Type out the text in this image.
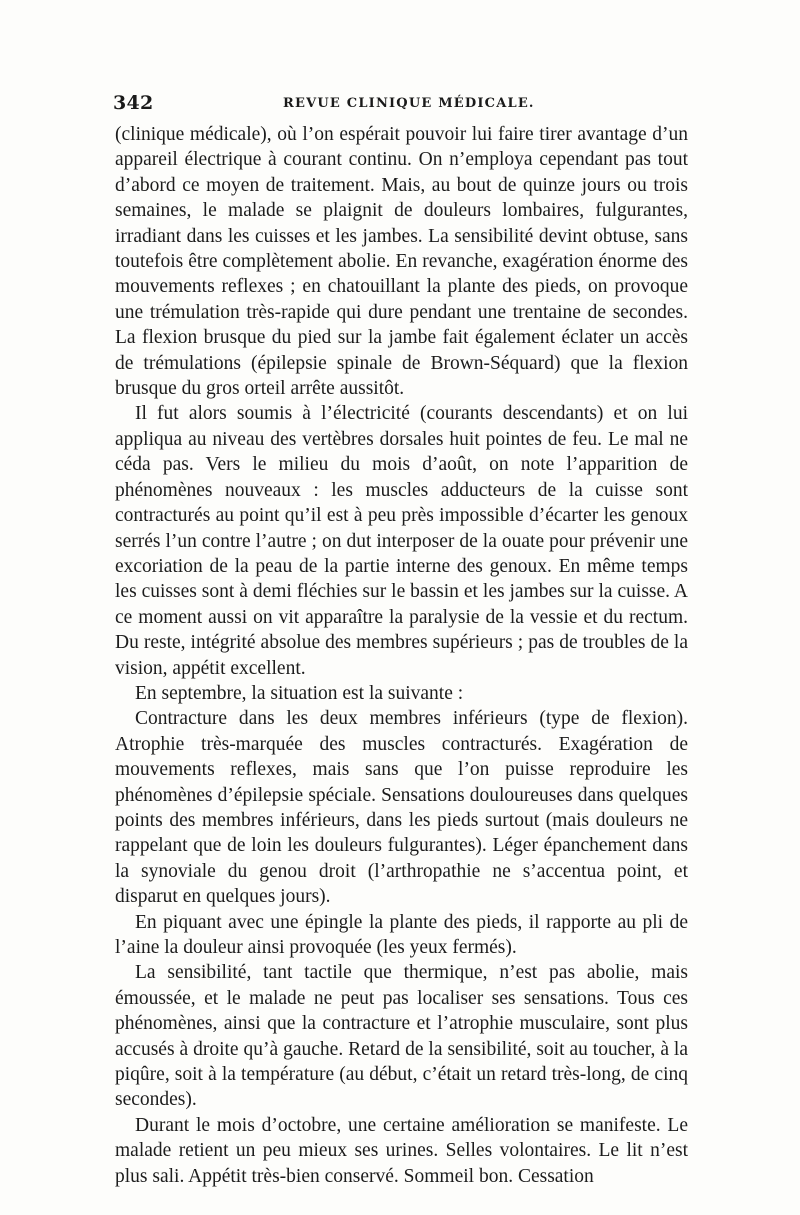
342	REVUE CLINIQUE MÉDICALE.

(clinique médicale), où l’on espérait pouvoir lui faire tirer avantage d’un appareil électrique à courant continu. On n’employa cependant pas tout d’abord ce moyen de traitement. Mais, au bout de quinze jours ou trois semaines, le malade se plaignit de douleurs lombaires, fulgurantes, irradiant dans les cuisses et les jambes. La sensibilité devint obtuse, sans toutefois être complètement abolie. En revanche, exagération énorme des mouvements reflexes ; en chatouillant la plante des pieds, on provoque une trémulation très-rapide qui dure pendant une trentaine de secondes. La flexion brusque du pied sur la jambe fait également éclater un accès de trémulations (épilepsie spinale de Brown-Séquard) que la flexion brusque du gros orteil arrête aussitôt.

Il fut alors soumis à l’électricité (courants descendants) et on lui appliqua au niveau des vertèbres dorsales huit pointes de feu. Le mal ne céda pas. Vers le milieu du mois d’août, on note l’apparition de phénomènes nouveaux : les muscles adducteurs de la cuisse sont contracturés au point qu’il est à peu près impossible d’écarter les genoux serrés l’un contre l’autre ; on dut interposer de la ouate pour prévenir une excoriation de la peau de la partie interne des genoux. En même temps les cuisses sont à demi fléchies sur le bassin et les jambes sur la cuisse. A ce moment aussi on vit apparaître la paralysie de la vessie et du rectum. Du reste, intégrité absolue des membres supérieurs ; pas de troubles de la vision, appétit excellent.

En septembre, la situation est la suivante :

Contracture dans les deux membres inférieurs (type de flexion). Atrophie très-marquée des muscles contracturés. Exagération de mouvements reflexes, mais sans que l’on puisse reproduire les phénomènes d’épilepsie spéciale. Sensations douloureuses dans quelques points des membres inférieurs, dans les pieds surtout (mais douleurs ne rappelant que de loin les douleurs fulgurantes). Léger épanchement dans la synoviale du genou droit (l’arthropathie ne s’accentua point, et disparut en quelques jours).

En piquant avec une épingle la plante des pieds, il rapporte au pli de l’aine la douleur ainsi provoquée (les yeux fermés).

La sensibilité, tant tactile que thermique, n’est pas abolie, mais émoussée, et le malade ne peut pas localiser ses sensations. Tous ces phénomènes, ainsi que la contracture et l’atrophie musculaire, sont plus accusés à droite qu’à gauche. Retard de la sensibilité, soit au toucher, à la piqûre, soit à la température (au début, c’était un retard très-long, de cinq secondes).

Durant le mois d’octobre, une certaine amélioration se manifeste. Le malade retient un peu mieux ses urines. Selles volontaires. Le lit n’est plus sali. Appétit très-bien conservé. Sommeil bon. Cessation
